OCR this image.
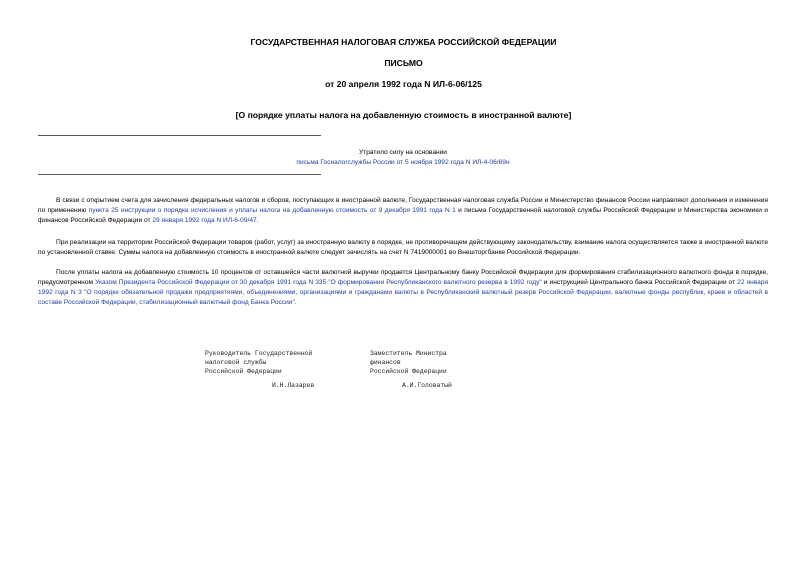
ГОСУДАРСТВЕННАЯ НАЛОГОВАЯ СЛУЖБА РОССИЙСКОЙ ФЕДЕРАЦИИ
ПИСЬМО
от 20 апреля 1992 года N ИЛ-6-06/125
[О порядке уплаты налога на добавленную стоимость в иностранной валюте]
Утратило силу на основании
письма Госналогслужбы России от 5 ноября 1992 года N ИЛ-4-06/69н
В связи с открытием счета для зачисления федеральных налогов и сборов, поступающих в иностранной валюте, Государственная налоговая служба России и Министерство финансов России направляют дополнения и изменения по применению пункта 25 инструкции о порядке исчисления и уплаты налога на добавленную стоимость от 9 декабря 1991 года N 1 и письма Государственной налоговой службы Российской Федерации и Министерства экономики и финансов Российской Федерации от 29 января 1992 года N ИЛ-6-09/47.
При реализации на территории Российской Федерации товаров (работ, услуг) за иностранную валюту в порядке, не противоречащем действующему законодательству, взимание налога осуществляется также в иностранной валюте по установленной ставке. Суммы налога на добавленную стоимость в иностранной валюте следует зачислять на счет N 7419000001 во Внешторгбанке Российской Федерации.
После уплаты налога на добавленную стоимость 10 процентов от оставшейся части валютной выручки продается Центральному банку Российской Федерации для формирования стабилизационного валютного фонда в порядке, предусмотренном Указом Президента Российской Федерации от 30 декабря 1991 года N 335 "О формировании Республиканского валютного резерва в 1992 году" и инструкцией Центрального банка Российской Федерации от 22 января 1992 года N 3 "О порядке обязательной продажи предприятиями, объединениями, организациями и гражданами валюты в Республиканский валютный резерв Российской Федерации, валютные фонды республик, краев и областей в составе Российской Федерации, стабилизационный валютный фонд Банка России".
Руководитель Государственной
налоговой службы
Российской Федерации
И.Н.Лазарев
Заместитель Министра
финансов
Российской Федерации
А.И.Головатый
